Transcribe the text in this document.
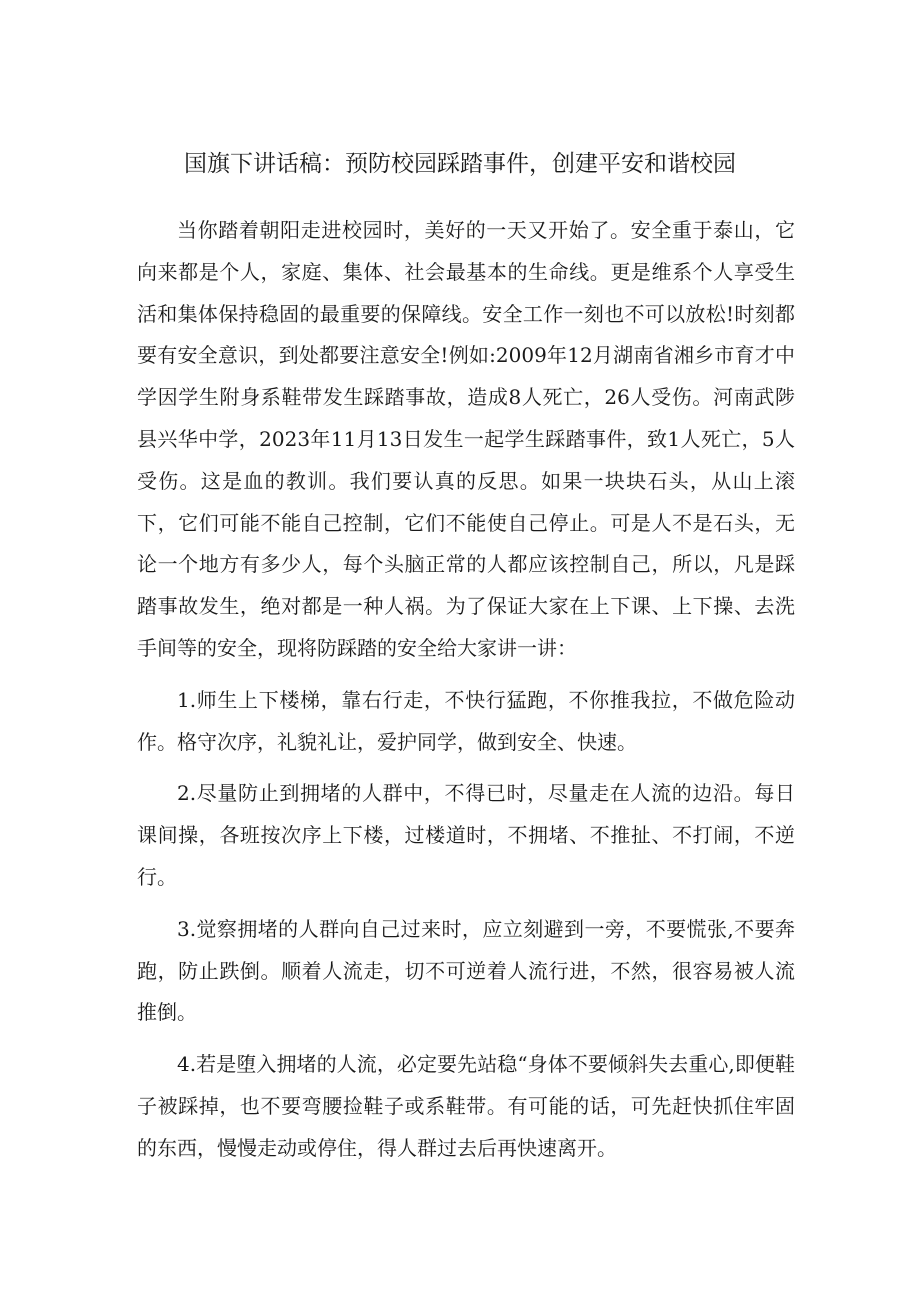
国旗下讲话稿：预防校园踩踏事件，创建平安和谐校园

当你踏着朝阳走进校园时，美好的一天又开始了。安全重于泰山，它向来都是个人，家庭、集体、社会最基本的生命线。更是维系个人享受生活和集体保持稳固的最重要的保障线。安全工作一刻也不可以放松!时刻都要有安全意识，到处都要注意安全!例如:2009年12月湖南省湘乡市育才中学因学生附身系鞋带发生踩踏事故，造成8人死亡，26人受伤。河南武陟县兴华中学，2023年11月13日发生一起学生踩踏事件，致1人死亡，5人受伤。这是血的教训。我们要认真的反思。如果一块块石头，从山上滚下，它们可能不能自己控制，它们不能使自己停止。可是人不是石头，无论一个地方有多少人，每个头脑正常的人都应该控制自己，所以，凡是踩踏事故发生，绝对都是一种人祸。为了保证大家在上下课、上下操、去洗手间等的安全，现将防踩踏的安全给大家讲一讲：

1.师生上下楼梯，靠右行走，不快行猛跑，不你推我拉，不做危险动作。格守次序，礼貌礼让，爱护同学，做到安全、快速。

2.尽量防止到拥堵的人群中，不得已时，尽量走在人流的边沿。每日课间操，各班按次序上下楼，过楼道时，不拥堵、不推扯、不打闹，不逆行。

3.觉察拥堵的人群向自己过来时，应立刻避到一旁，不要慌张,不要奔跑，防止跌倒。顺着人流走，切不可逆着人流行进，不然，很容易被人流推倒。

4.若是堕入拥堵的人流，必定要先站稳“身体不要倾斜失去重心,即便鞋子被踩掉，也不要弯腰捡鞋子或系鞋带。有可能的话，可先赶快抓住牢固的东西，慢慢走动或停住，得人群过去后再快速离开。
